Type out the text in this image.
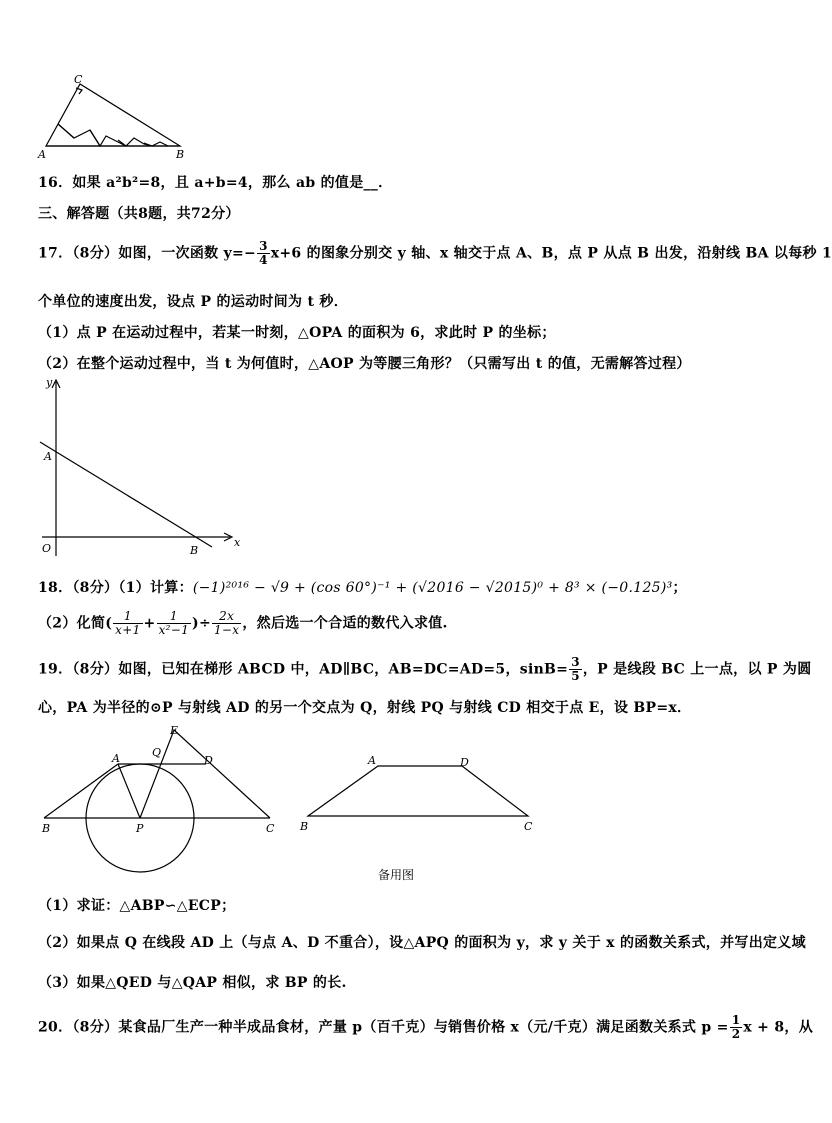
C
A	B
16．如果 a²b²=8，且 a+b=4，那么 ab 的值是__．
三、解答题（共8题，共72分）
17．（8分）如图，一次函数 $y=- \frac{3}{4} x+6$ 的图象分别交 y 轴、x 轴交于点 A、B，点 P 从点 B 出发，沿射线 BA 以每秒 1
个单位的速度出发，设点 P 的运动时间为 t 秒．
（1）点 P 在运动过程中，若某一时刻，△OPA 的面积为 6，求此时 P 的坐标；
（2）在整个运动过程中，当 t 为何值时，△AOP 为等腰三角形？（只需写出 t 的值，无需解答过程）
y
x
A
O	B
18．（8分）（1）计算：(−1)²⁰¹⁶ − √9 + (cos 60°)⁻¹ + (√2016 − √2015)⁰ + 8³ × (−0.125)³；
（2）化简( $\frac{1}{x+1} + \frac{1}{\text{x²−1}}$ )÷ $\frac{2x}{1-x}$ ，然后选一个合适的数代入求值.
19．（8分）如图，已知在梯形 ABCD 中，AD∥BC，AB=DC=AD=5，$\sin B= \frac{3}{5}$ ，P 是线段 BC 上一点，以 P 为圆
心，PA 为半径的⊙P 与射线 AD 的另一个交点为 Q，射线 PQ 与射线 CD 相交于点 E，设 BP=x．
E
A	Q
D
B	P	C
A	D
B	C
备用图
（1）求证：△ABP∽△ECP；
（2）如果点 Q 在线段 AD 上（与点 A、D 不重合），设△APQ 的面积为 y，求 y 关于 x 的函数关系式，并写出定义域
（3）如果△QED 与△QAP 相似，求 BP 的长.
20．（8分）某食品厂生产一种半成品食材，产量 p（百千克）与销售价格 x（元/千克）满足函数关系式 $p = \frac{1}{2}$ x + 8，从
